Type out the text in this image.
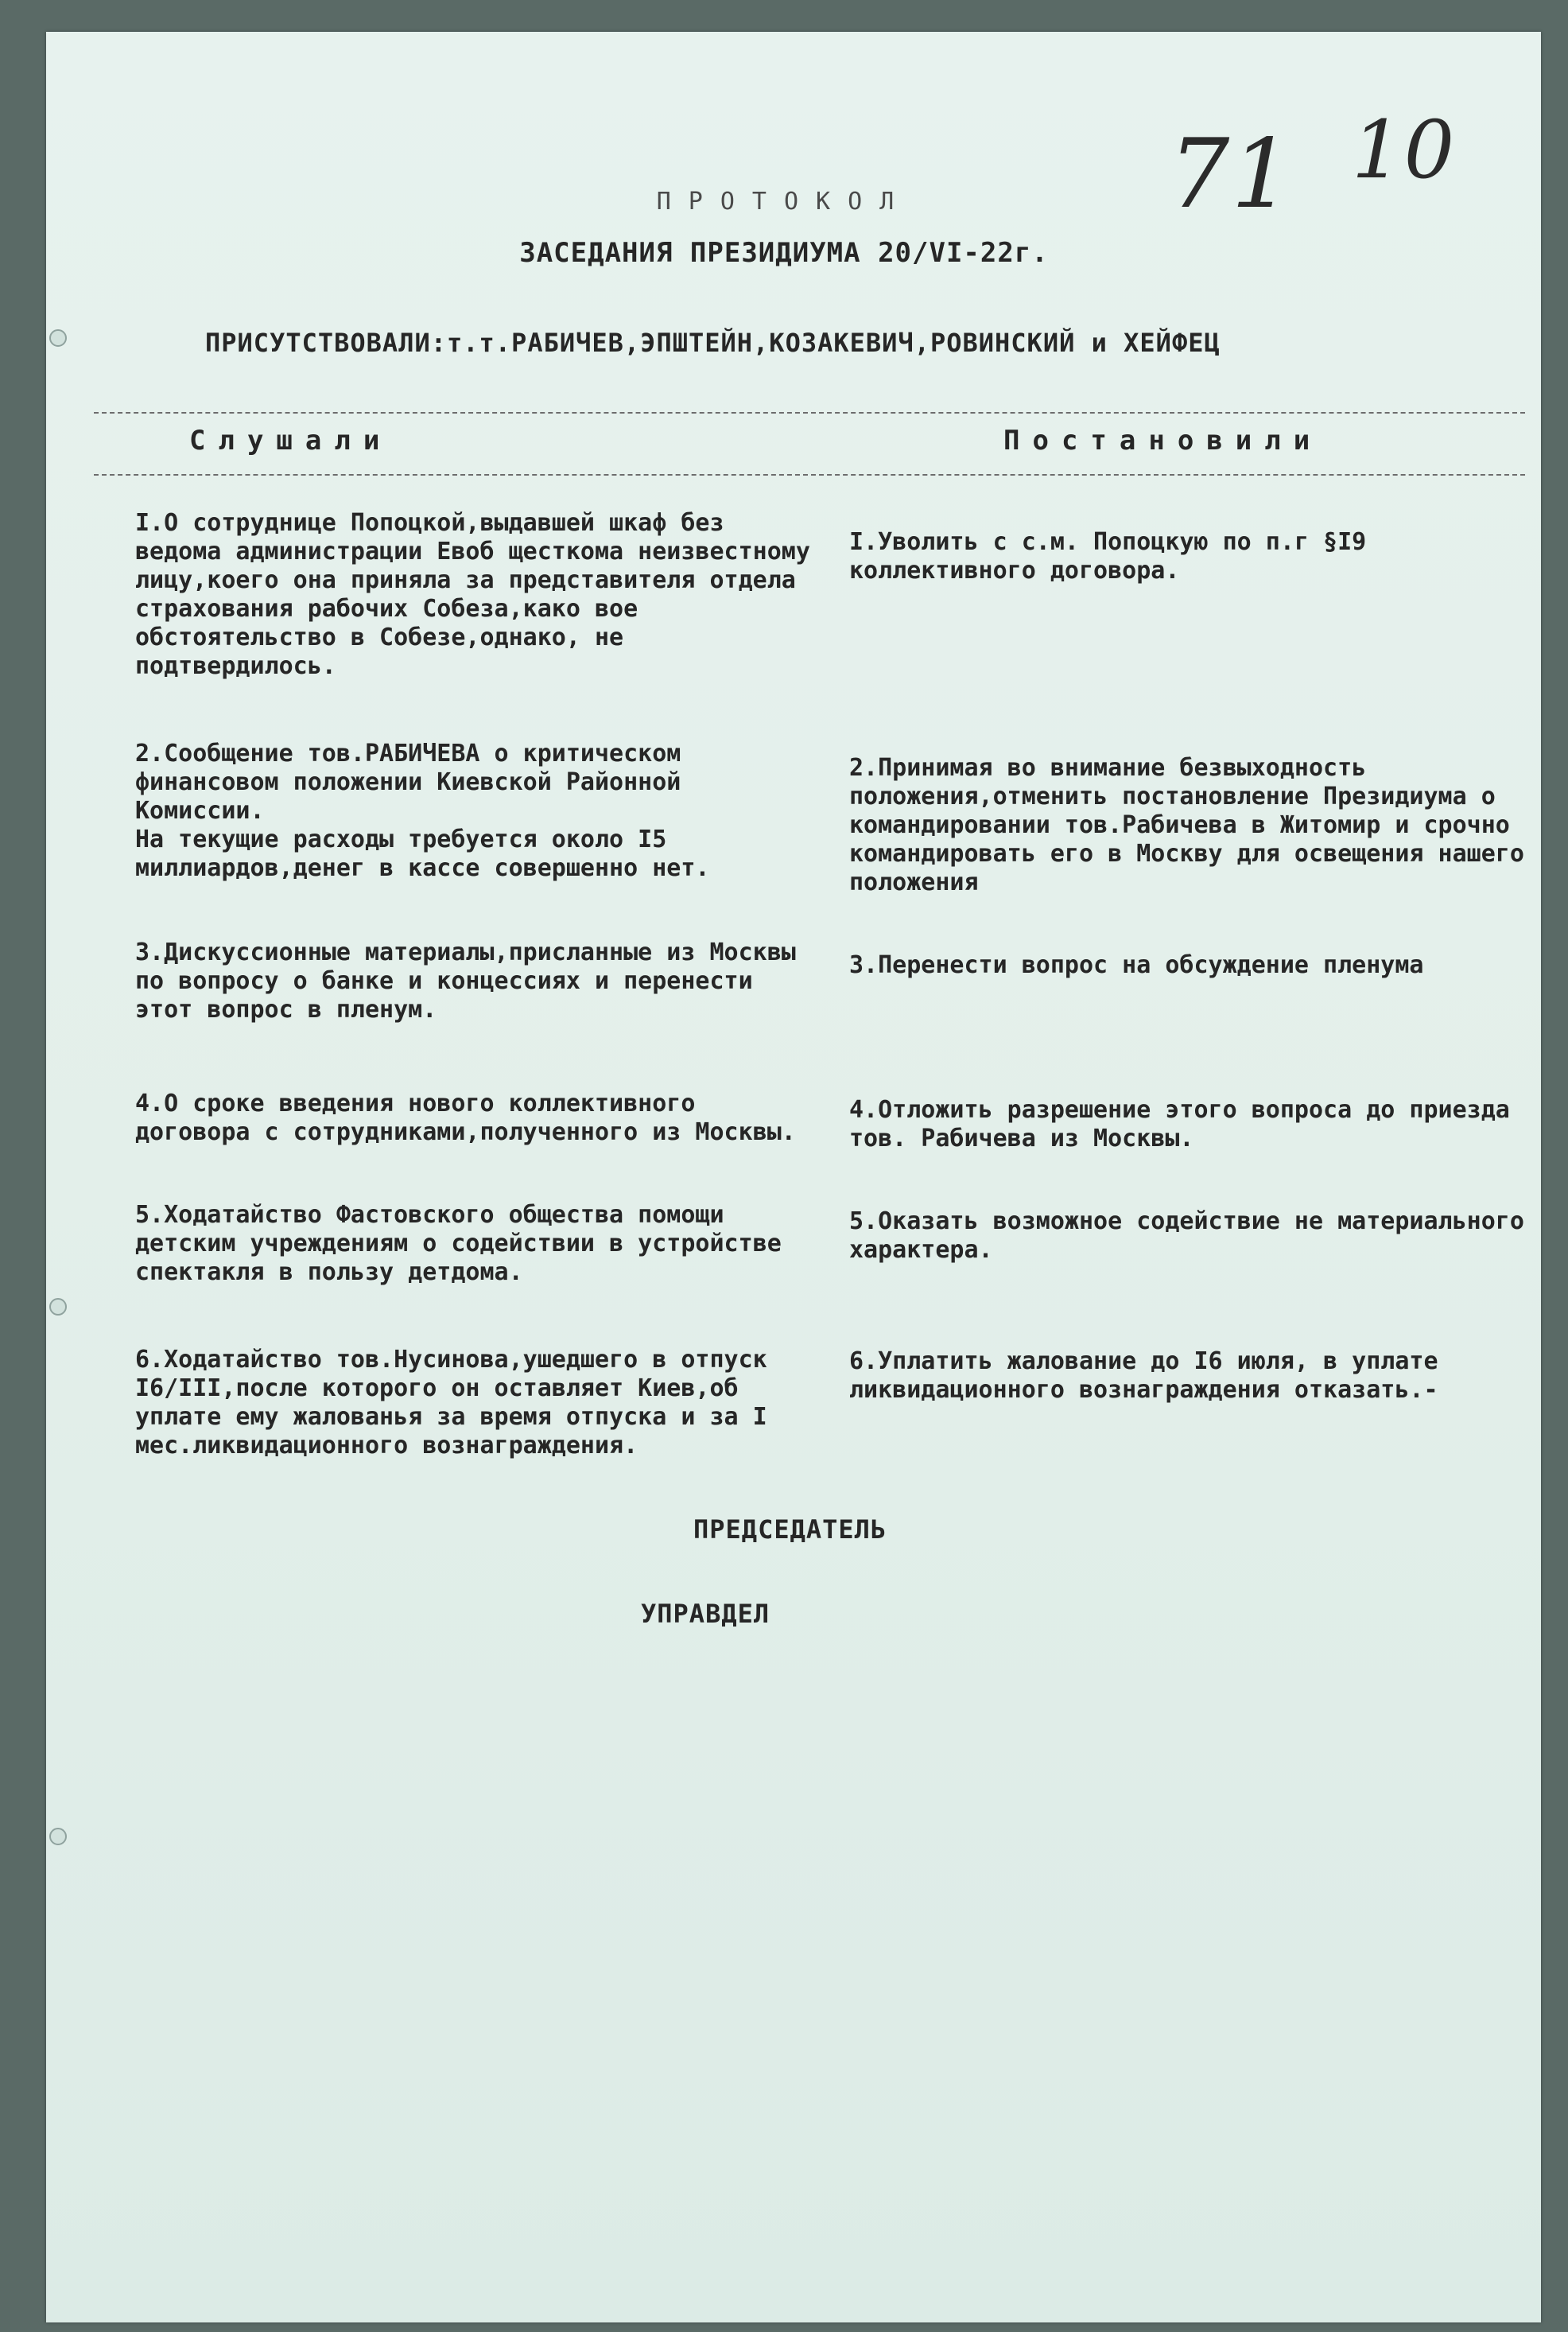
71 10
ПРОТОКОЛ
ЗАСЕДАНИЯ ПРЕЗИДИУМА 20/VI-22г.
ПРИСУТСТВОВАЛИ:т.т.РАБИЧЕВ,ЭПШТЕЙН,КОЗАКЕВИЧ,РОВИНСКИЙ и ХЕЙФЕЦ
Слушали	Постановили
I.О сотруднице Попоцкой,выдавшей шкаф без ведома администрации Евоб щесткома неизвестному лицу,коего она приняла за представителя отдела страхования рабочих Собеза,како вое обстоятельство в Собезе,однако, не подтвердилось.
I.Уволить с с.м. Попоцкую по п.г §I9 коллективного договора.
2.Сообщение тов.РАБИЧЕВА о критическом финансовом положении Киевской Районной Комиссии.
На текущие расходы требуется около I5 миллиардов,денег в кассе совершенно нет.
2.Принимая во внимание безвыходность положения,отменить постановление Президиума о командировании тов.Рабичева в Житомир и срочно командировать его в Москву для освещения нашего положения
3.Дискуссионные материалы,присланные из Москвы по вопросу о банке и концессиях и перенести этот вопрос в пленум.
3.Перенести вопрос на обсуждение пленума
4.О сроке введения нового коллективного договора с сотрудниками,полученного из Москвы.
4.Отложить разрешение этого вопроса до приезда тов. Рабичева из Москвы.
5.Ходатайство Фастовского общества помощи детским учреждениям о содействии в устройстве спектакля в пользу детдома.
5.Оказать возможное содействие не материального характера.
6.Ходатайство тов.Нусинова,ушедшего в отпуск I6/III,после которого он оставляет Киев,об уплате ему жалованья за время отпуска и за I мес.ликвидационного вознаграждения.
6.Уплатить жалование до I6 июля, в уплате ликвидационного вознаграждения отказать.-
ПРЕДСЕДАТЕЛЬ
УПРАВДЕЛ
